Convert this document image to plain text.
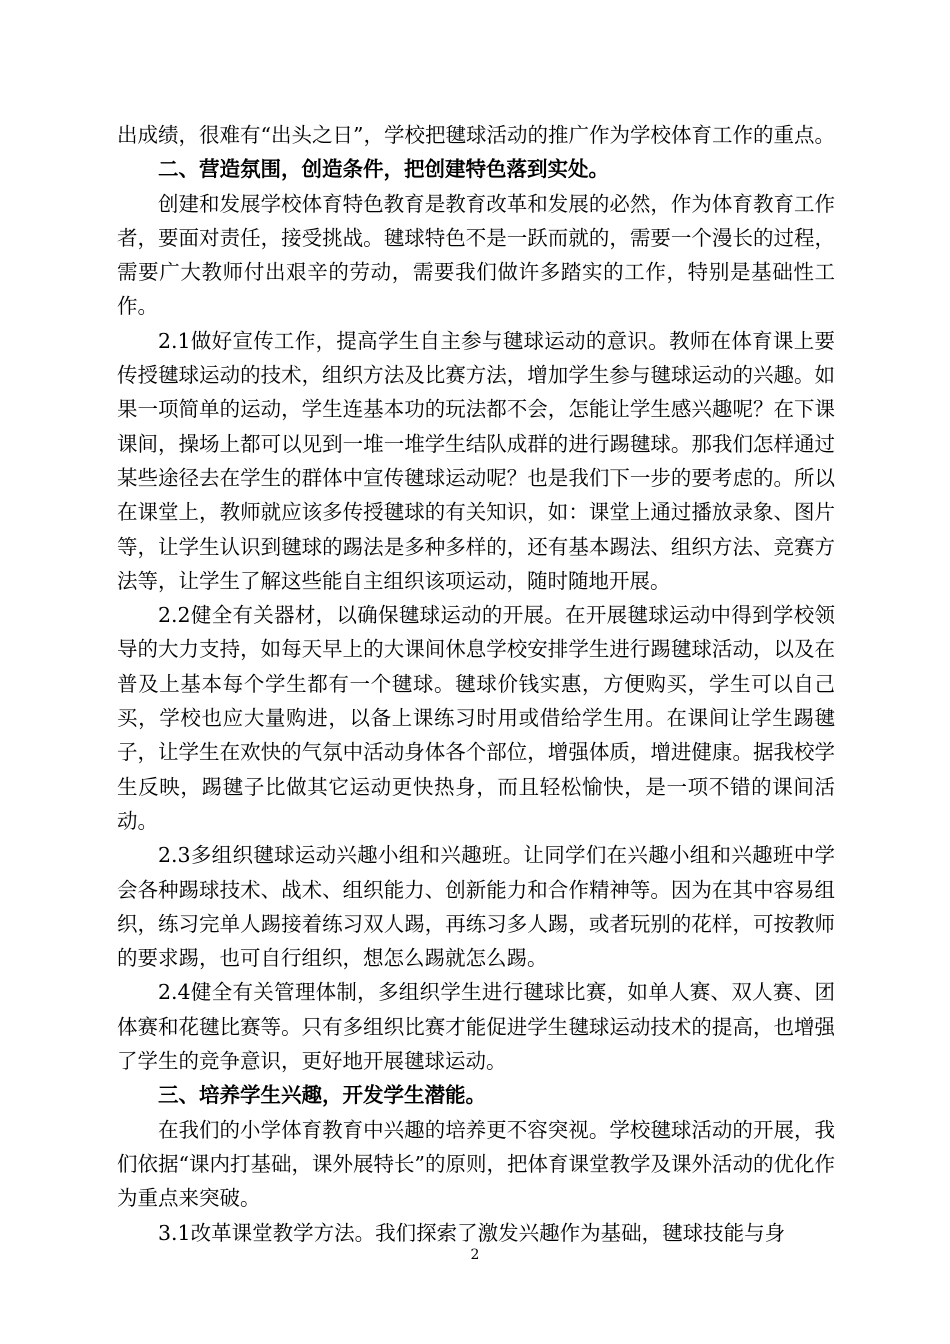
出成绩，很难有“出头之日”，学校把毽球活动的推广作为学校体育工作的重点。

二、营造氛围，创造条件，把创建特色落到实处。

创建和发展学校体育特色教育是教育改革和发展的必然，作为体育教育工作者，要面对责任，接受挑战。毽球特色不是一跃而就的，需要一个漫长的过程，需要广大教师付出艰辛的劳动，需要我们做许多踏实的工作，特别是基础性工作。

2.1做好宣传工作，提高学生自主参与毽球运动的意识。教师在体育课上要传授毽球运动的技术，组织方法及比赛方法，增加学生参与毽球运动的兴趣。如果一项简单的运动，学生连基本功的玩法都不会，怎能让学生感兴趣呢？在下课课间，操场上都可以见到一堆一堆学生结队成群的进行踢毽球。那我们怎样通过某些途径去在学生的群体中宣传毽球运动呢？也是我们下一步的要考虑的。所以在课堂上，教师就应该多传授毽球的有关知识，如：课堂上通过播放录象、图片等，让学生认识到毽球的踢法是多种多样的，还有基本踢法、组织方法、竞赛方法等，让学生了解这些能自主组织该项运动，随时随地开展。

2.2健全有关器材，以确保毽球运动的开展。在开展毽球运动中得到学校领导的大力支持，如每天早上的大课间休息学校安排学生进行踢毽球活动，以及在普及上基本每个学生都有一个毽球。毽球价钱实惠，方便购买，学生可以自己买，学校也应大量购进，以备上课练习时用或借给学生用。在课间让学生踢毽子，让学生在欢快的气氛中活动身体各个部位，增强体质，增进健康。据我校学生反映，踢毽子比做其它运动更快热身，而且轻松愉快，是一项不错的课间活动。

2.3多组织毽球运动兴趣小组和兴趣班。让同学们在兴趣小组和兴趣班中学会各种踢球技术、战术、组织能力、创新能力和合作精神等。因为在其中容易组织，练习完单人踢接着练习双人踢，再练习多人踢，或者玩别的花样，可按教师的要求踢，也可自行组织，想怎么踢就怎么踢。

2.4健全有关管理体制，多组织学生进行毽球比赛，如单人赛、双人赛、团体赛和花毽比赛等。只有多组织比赛才能促进学生毽球运动技术的提高，也增强了学生的竞争意识，更好地开展毽球运动。

三、培养学生兴趣，开发学生潜能。

在我们的小学体育教育中兴趣的培养更不容突视。学校毽球活动的开展，我们依据“课内打基础，课外展特长”的原则，把体育课堂教学及课外活动的优化作为重点来突破。

3.1改革课堂教学方法。我们探索了激发兴趣作为基础，毽球技能与身

2
